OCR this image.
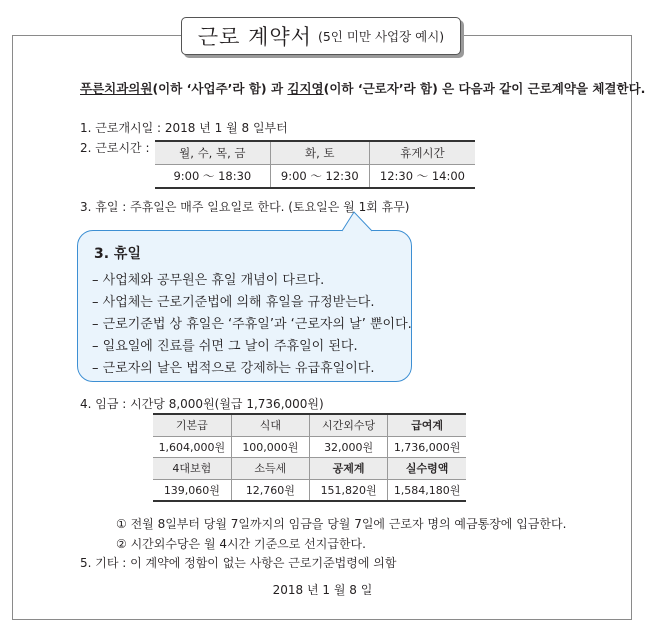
근로 계약서 (5인 미만 사업장 예시)
푸른치과의원(이하 ‘사업주’라 함) 과 김지영(이하 ‘근로자’라 함) 은 다음과 같이 근로계약을 체결한다.
1. 근로개시일 : 2018 년 1 월 8 일부터
2. 근로시간 :	월, 수, 목, 금	화, 토	휴게시간
9:00 ～ 18:30	9:00 ～ 12:30	12:30 ～ 14:00
3. 휴일 : 주휴일은 매주 일요일로 한다. (토요일은 월 1회 휴무)
3. 휴일
– 사업체와 공무원은 휴일 개념이 다르다.
– 사업체는 근로기준법에 의해 휴일을 규정받는다.
– 근로기준법 상 휴일은 ‘주휴일’과 ‘근로자의 날’ 뿐이다.
– 일요일에 진료를 쉬면 그 날이 주휴일이 된다.
– 근로자의 날은 법적으로 강제하는 유급휴일이다.
4. 임금 : 시간당 8,000원(월급 1,736,000원)
기본급	식대	시간외수당	급여계
1,604,000원	100,000원	32,000원	1,736,000원
4대보험	소득세	공제계	실수령액
139,060원	12,760원	151,820원	1,584,180원
① 전월 8일부터 당월 7일까지의 임금을 당월 7일에 근로자 명의 예금통장에 입금한다.
② 시간외수당은 월 4시간 기준으로 선지급한다.
5. 기타 : 이 계약에 정함이 없는 사항은 근로기준법령에 의함
2018 년 1 월 8 일
